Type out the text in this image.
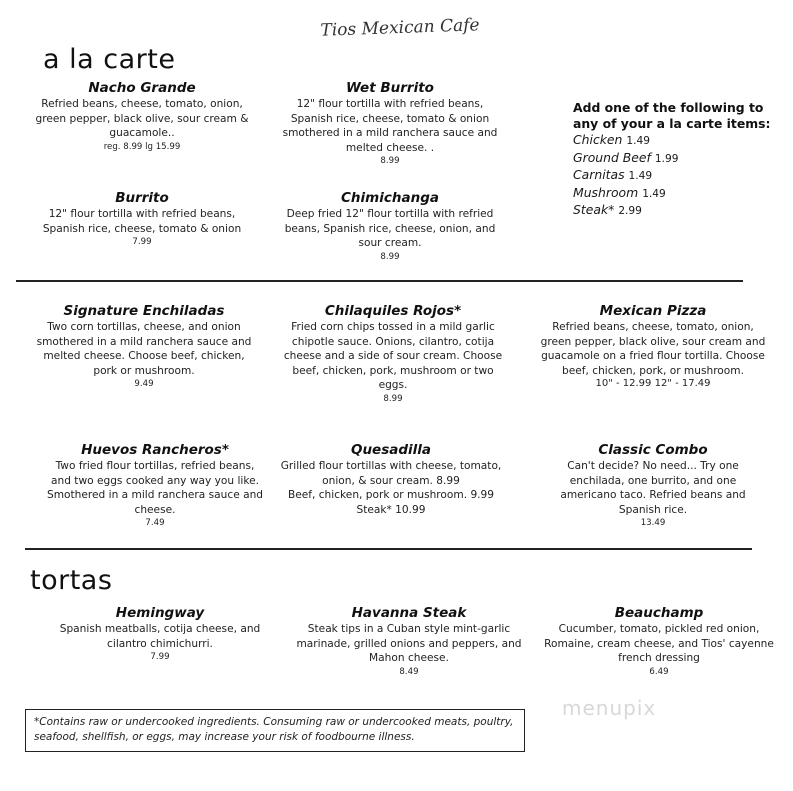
Tios Mexican Cafe
a la carte
Nacho Grande
Refried beans, cheese, tomato, onion, green pepper, black olive, sour cream & guacamole..
reg. 8.99 lg 15.99
Wet Burrito
12" flour tortilla with refried beans, Spanish rice, cheese, tomato & onion smothered in a mild ranchera sauce and melted cheese. .
8.99
Add one of the following to any of your a la carte items:
Chicken 1.49
Ground Beef 1.99
Carnitas 1.49
Mushroom 1.49
Steak* 2.99
Burrito
12" flour tortilla with refried beans, Spanish rice, cheese, tomato & onion
7.99
Chimichanga
Deep fried 12" flour tortilla with refried beans, Spanish rice, cheese, onion, and sour cream.
8.99
Signature Enchiladas
Two corn tortillas, cheese, and onion smothered in a mild ranchera sauce and melted cheese. Choose beef, chicken, pork or mushroom.
9.49
Chilaquiles Rojos*
Fried corn chips tossed in a mild garlic chipotle sauce. Onions, cilantro, cotija cheese and a side of sour cream. Choose beef, chicken, pork, mushroom or two eggs.
8.99
Mexican Pizza
Refried beans, cheese, tomato, onion, green pepper, black olive, sour cream and guacamole on a fried flour tortilla. Choose beef, chicken, pork, or mushroom.
10" - 12.99 12" - 17.49
Huevos Rancheros*
Two fried flour tortillas, refried beans, and two eggs cooked any way you like. Smothered in a mild ranchera sauce and cheese.
7.49
Quesadilla
Grilled flour tortillas with cheese, tomato, onion, & sour cream. 8.99
Beef, chicken, pork or mushroom. 9.99
Steak* 10.99
Classic Combo
Can't decide? No need... Try one enchilada, one burrito, and one americano taco. Refried beans and Spanish rice.
13.49
tortas
Hemingway
Spanish meatballs, cotija cheese, and cilantro chimichurri.
7.99
Havanna Steak
Steak tips in a Cuban style mint-garlic marinade, grilled onions and peppers, and Mahon cheese.
8.49
Beauchamp
Cucumber, tomato, pickled red onion, Romaine, cream cheese, and Tios' cayenne french dressing
6.49
*Contains raw or undercooked ingredients. Consuming raw or undercooked meats, poultry, seafood, shellfish, or eggs, may increase your risk of foodbourne illness.
menupix
